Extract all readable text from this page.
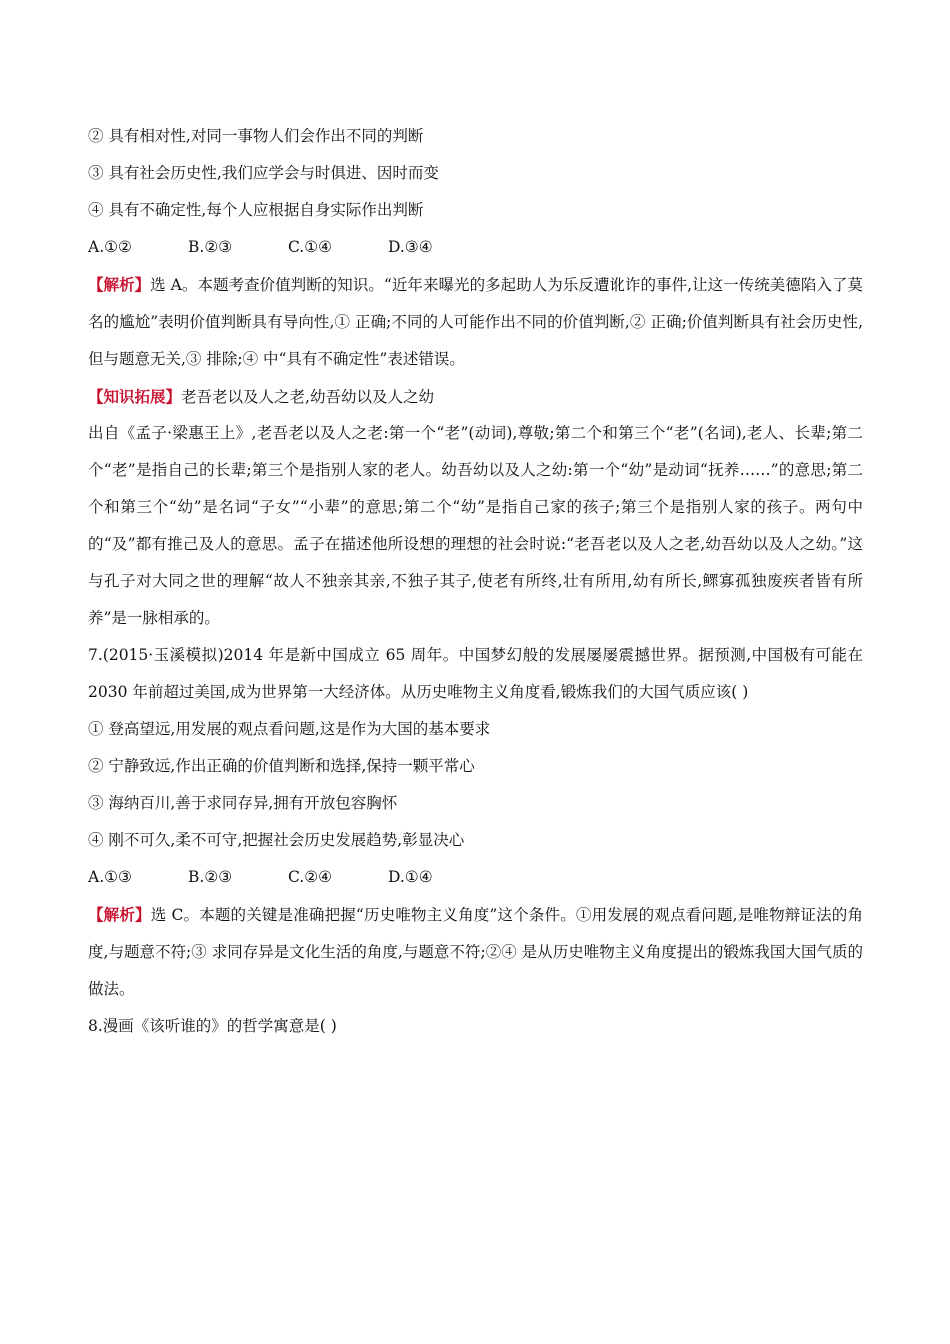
② 具有相对性,对同一事物人们会作出不同的判断
③ 具有社会历史性,我们应学会与时俱进、因时而变
④ 具有不确定性,每个人应根据自身实际作出判断
A.①②	B.②③	C.①④	D.③④
【解析】选 A。本题考查价值判断的知识。“近年来曝光的多起助人为乐反遭讹诈的事件,让这一传统美德陷入了莫名的尴尬”表明价值判断具有导向性,① 正确;不同的人可能作出不同的价值判断,② 正确;价值判断具有社会历史性,但与题意无关,③ 排除;④ 中“具有不确定性”表述错误。
【知识拓展】老吾老以及人之老,幼吾幼以及人之幼
出自《孟子·梁惠王上》,老吾老以及人之老:第一个“老”(动词),尊敬;第二个和第三个“老”(名词),老人、长辈;第二个“老”是指自己的长辈;第三个是指别人家的老人。幼吾幼以及人之幼:第一个“幼”是动词“抚养……”的意思;第二个和第三个“幼”是名词“子女”“小辈”的意思;第二个“幼”是指自己家的孩子;第三个是指别人家的孩子。两句中的“及”都有推己及人的意思。孟子在描述他所设想的理想的社会时说:“老吾老以及人之老,幼吾幼以及人之幼。”这与孔子对大同之世的理解“故人不独亲其亲,不独子其子,使老有所终,壮有所用,幼有所长,鳏寡孤独废疾者皆有所养”是一脉相承的。
7.(2015·玉溪模拟)2014 年是新中国成立 65 周年。中国梦幻般的发展屡屡震撼世界。据预测,中国极有可能在 2030 年前超过美国,成为世界第一大经济体。从历史唯物主义角度看,锻炼我们的大国气质应该( )
① 登高望远,用发展的观点看问题,这是作为大国的基本要求
② 宁静致远,作出正确的价值判断和选择,保持一颗平常心
③ 海纳百川,善于求同存异,拥有开放包容胸怀
④ 刚不可久,柔不可守,把握社会历史发展趋势,彰显决心
A.①③	B.②③	C.②④	D.①④
【解析】选 C。本题的关键是准确把握“历史唯物主义角度”这个条件。①用发展的观点看问题,是唯物辩证法的角度,与题意不符;③ 求同存异是文化生活的角度,与题意不符;②④ 是从历史唯物主义角度提出的锻炼我国大国气质的做法。
8.漫画《该听谁的》的哲学寓意是( )
